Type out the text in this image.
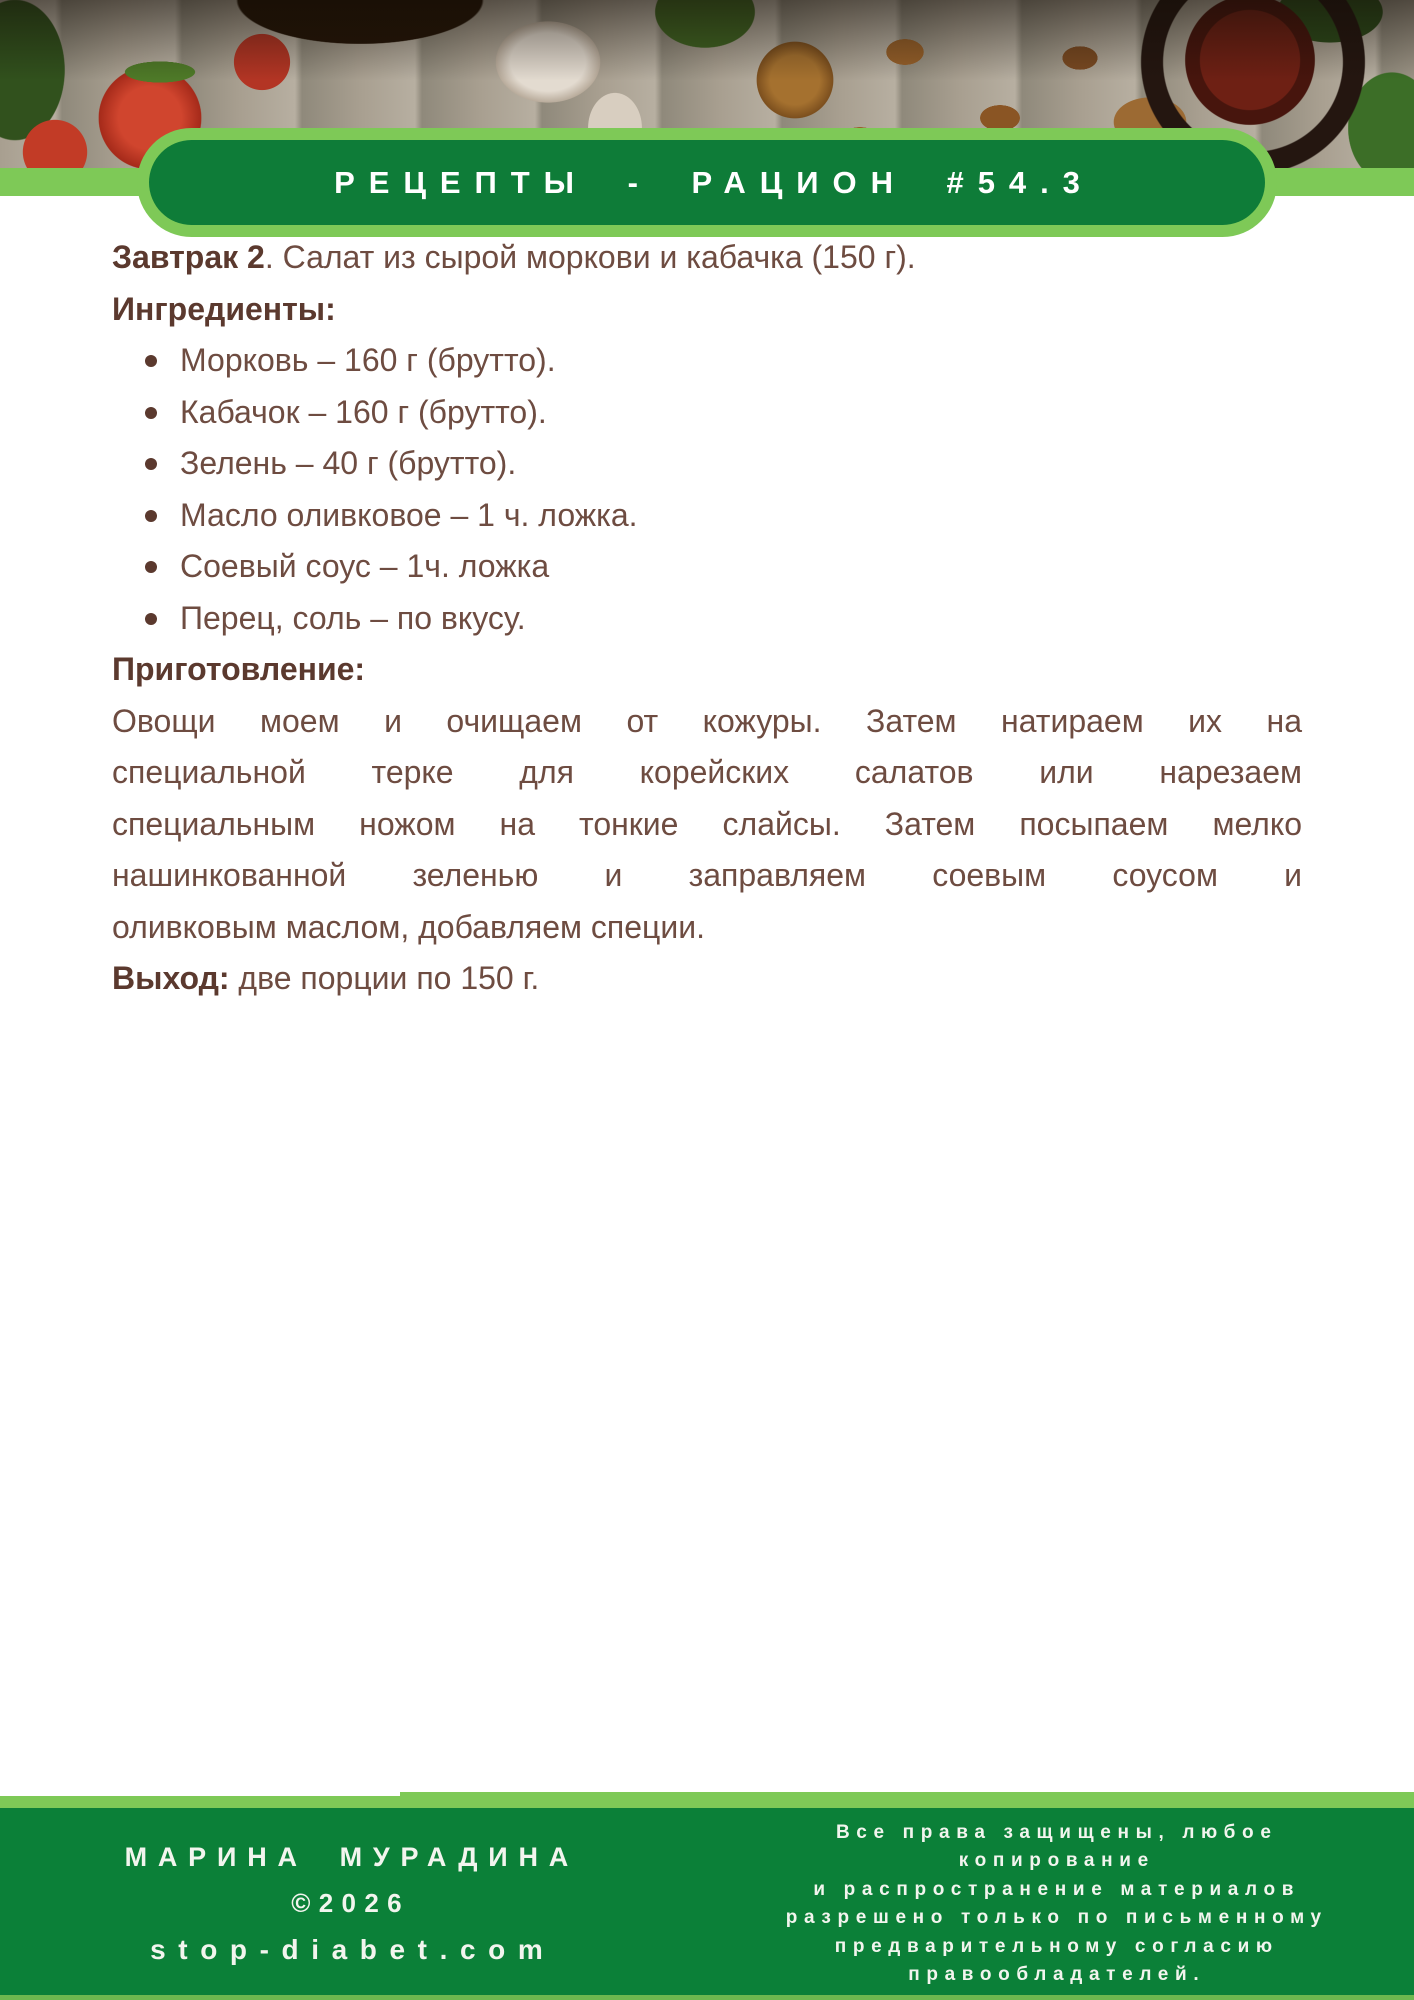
РЕЦЕПТЫ - РАЦИОН #54.3
Завтрак 2. Салат из сырой моркови и кабачка (150 г).
Ингредиенты:
Морковь – 160 г (брутто).
Кабачок – 160 г (брутто).
Зелень – 40 г (брутто).
Масло оливковое – 1 ч. ложка.
Соевый соус – 1ч. ложка
Перец, соль – по вкусу.
Приготовление:
Овощи моем и очищаем от кожуры. Затем натираем их на
специальной терке для корейских салатов или нарезаем
специальным ножом на тонкие слайсы. Затем посыпаем мелко
нашинкованной зеленью и заправляем соевым соусом и
оливковым маслом, добавляем специи.
Выход: две порции по 150 г.
МАРИНА МУРАДИНА
©2026
stop-diabet.com
Все права защищены, любое
копирование
и распространение материалов
разрешено только по письменному
предварительному согласию
правообладателей.
